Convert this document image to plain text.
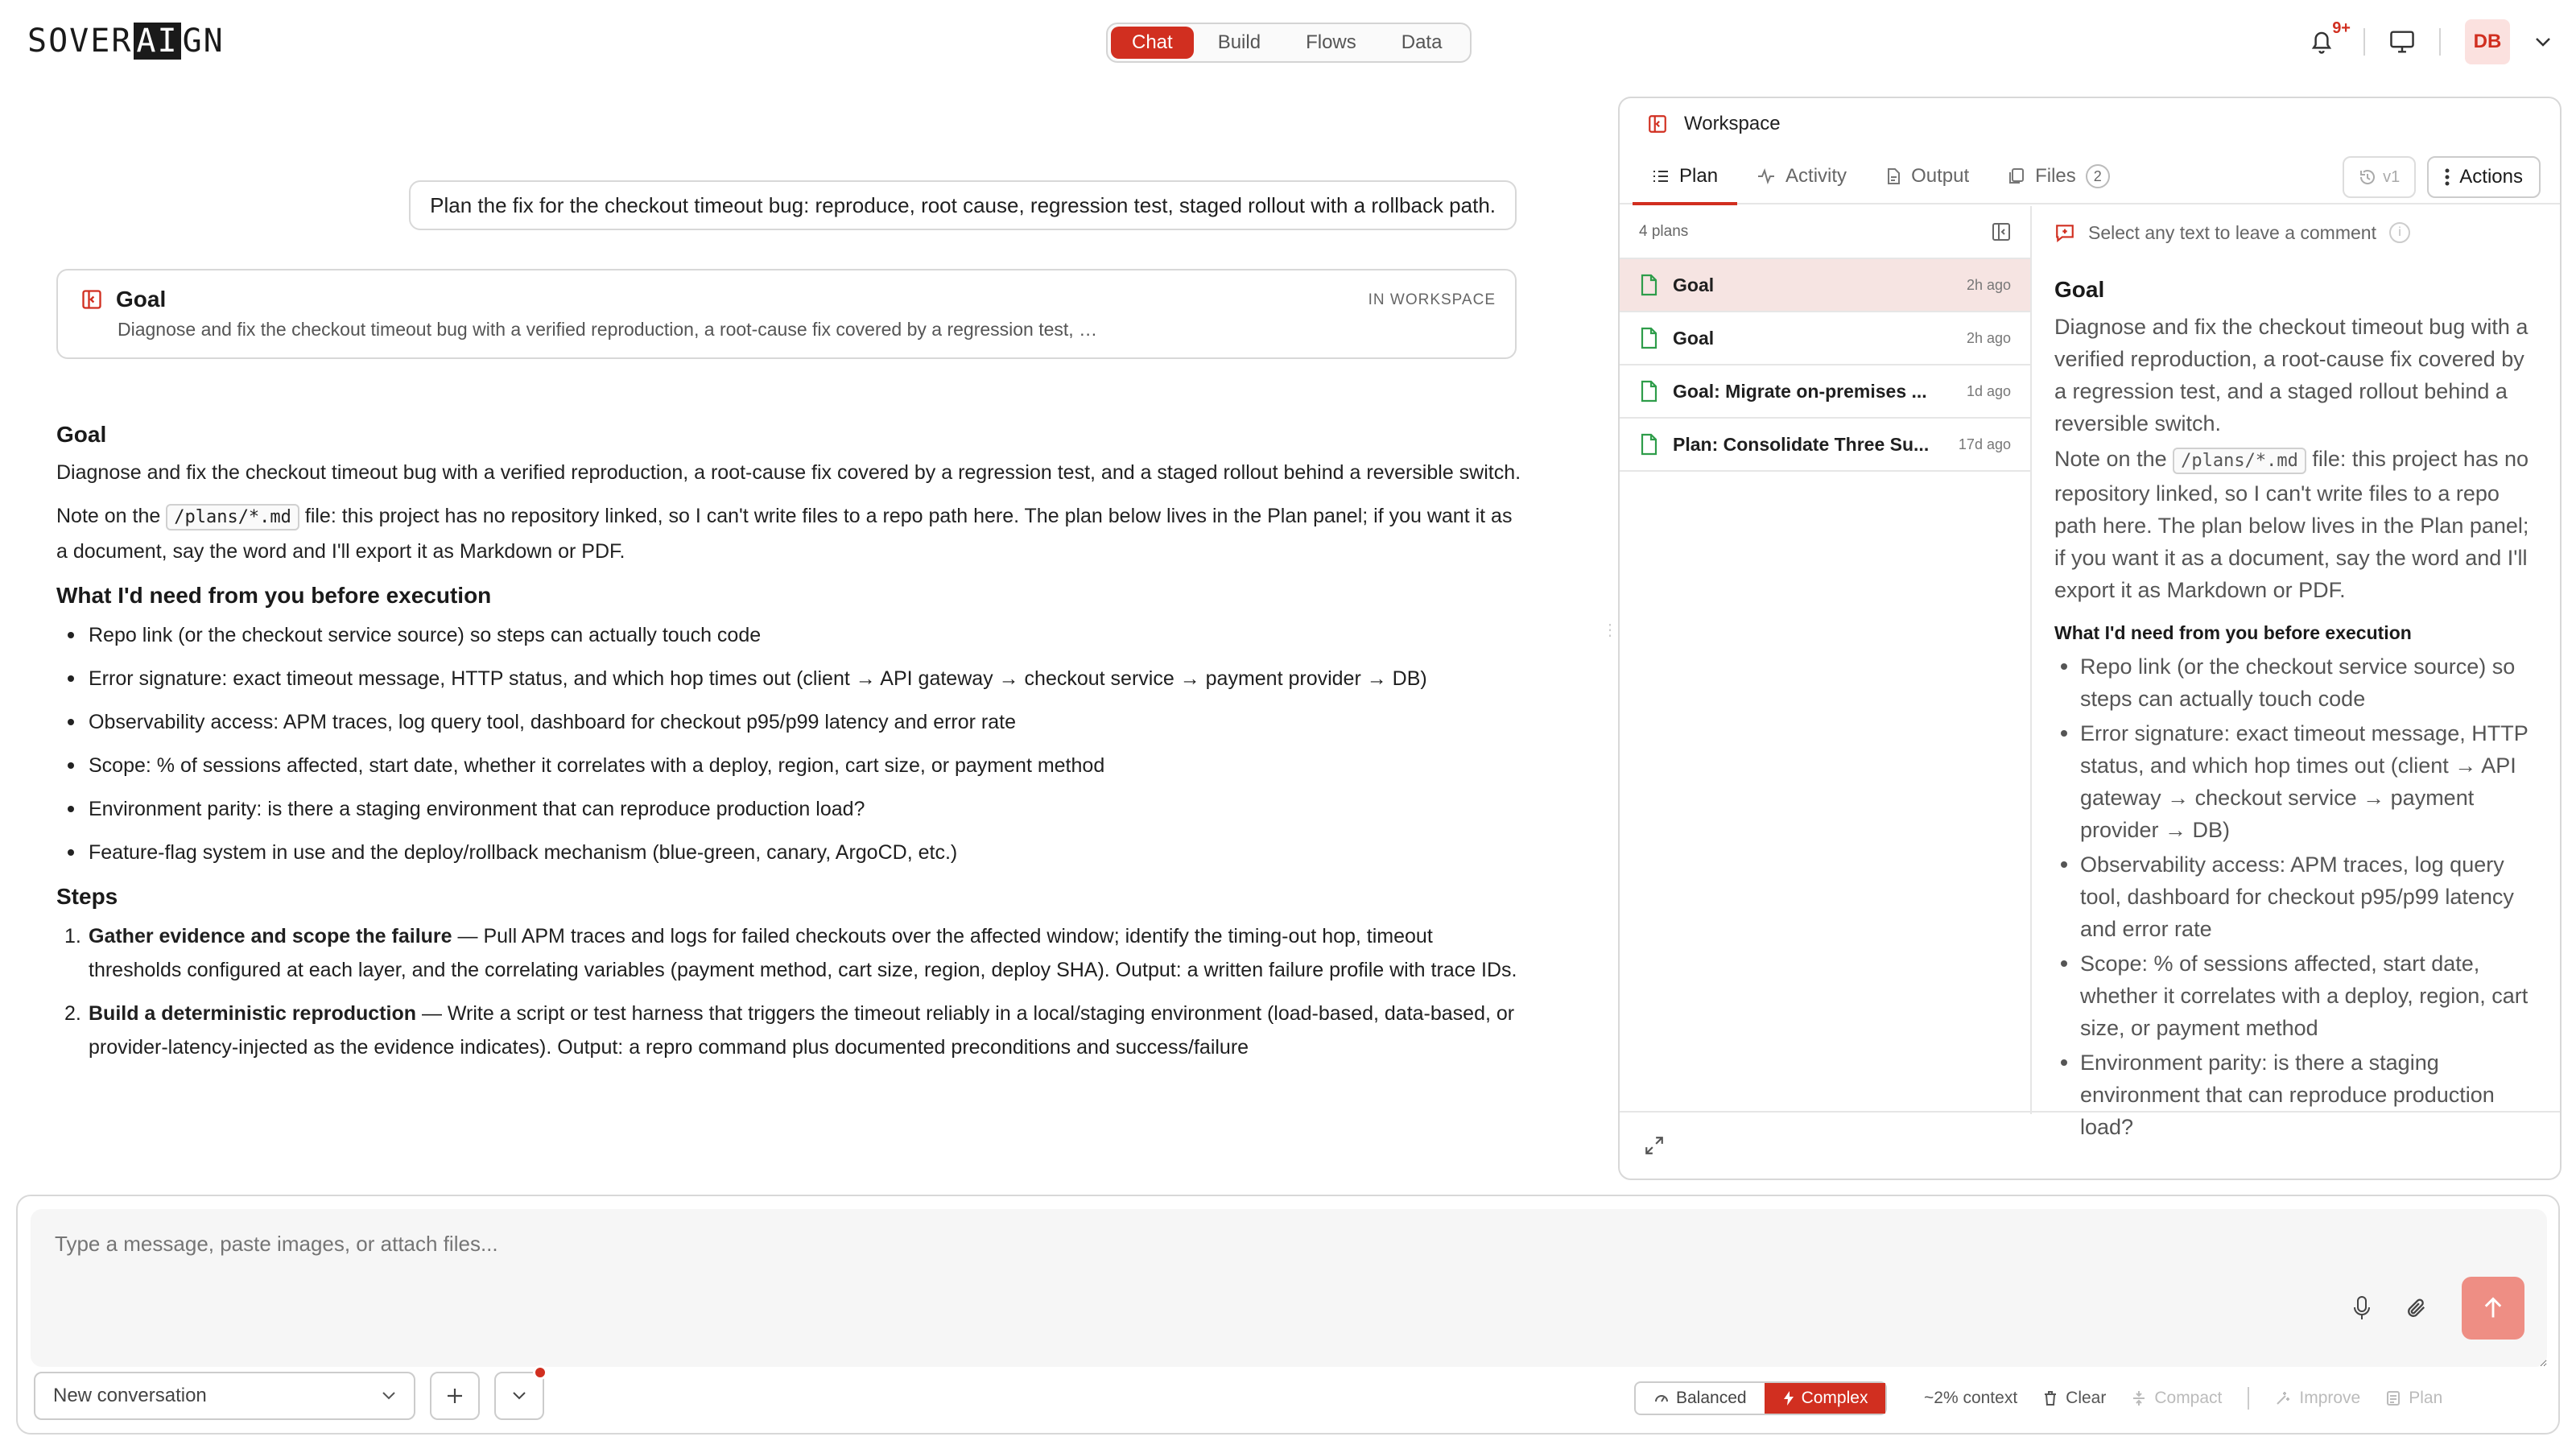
SOVER AI GN	Chat	Build	Flows	Data
9+
DB
Plan the fix for the checkout timeout bug: reproduce, root cause, regression test, staged rollout with a rollback path.
Goal	IN WORKSPACE
Diagnose and fix the checkout timeout bug with a verified reproduction, a root-cause fix covered by a regression test, …
Goal

Diagnose and fix the checkout timeout bug with a verified reproduction, a root-cause fix covered by a regression test, and a staged rollout behind a reversible switch.

Note on the /plans/*.md file: this project has no repository linked, so I can't write files to a repo path here. The plan below lives in the Plan panel; if you want it as a document, say the word and I'll export it as Markdown or PDF.

What I'd need from you before execution
Repo link (or the checkout service source) so steps can actually touch code
Error signature: exact timeout message, HTTP status, and which hop times out (client → API gateway → checkout service → payment provider → DB)
Observability access: APM traces, log query tool, dashboard for checkout p95/p99 latency and error rate
Scope: % of sessions affected, start date, whether it correlates with a deploy, region, cart size, or payment method
Environment parity: is there a staging environment that can reproduce production load?
Feature-flag system in use and the deploy/rollback mechanism (blue-green, canary, ArgoCD, etc.)
Steps
1. Gather evidence and scope the failure — Pull APM traces and logs for failed checkouts over the affected window; identify the timing-out hop, timeout thresholds configured at each layer, and the correlating variables (payment method, cart size, region, deploy SHA). Output: a written failure profile with trace IDs.
2. Build a deterministic reproduction — Write a script or test harness that triggers the timeout reliably in a local/staging environment (load-based, data-based, or provider-latency-injected as the evidence indicates). Output: a repro command plus documented preconditions and success/failure
⋮
Workspace
Plan	Activity	Output	Files	2	v1	Actions
4 plans
Goal	2h ago
Goal	2h ago
Goal: Migrate on-premises ...	1d ago
Plan: Consolidate Three Su...	17d ago
Select any text to leave a comment	i
Goal

Diagnose and fix the checkout timeout bug with a verified reproduction, a root-cause fix covered by a regression test, and a staged rollout behind a reversible switch.

Note on the /plans/*.md file: this project has no repository linked, so I can't write files to a repo path here. The plan below lives in the Plan panel; if you want it as a document, say the word and I'll export it as Markdown or PDF.

What I'd need from you before execution
Repo link (or the checkout service source) so steps can actually touch code
Error signature: exact timeout message, HTTP status, and which hop times out (client → API gateway → checkout service → payment provider → DB)
Observability access: APM traces, log query tool, dashboard for checkout p95/p99 latency and error rate
Scope: % of sessions affected, start date, whether it correlates with a deploy, region, cart size, or payment method
Environment parity: is there a staging environment that can reproduce production load?
Type a message, paste images, or attach files...
New conversation	Balanced	Complex	~2% context	Clear	Compact	Improve	Plan
